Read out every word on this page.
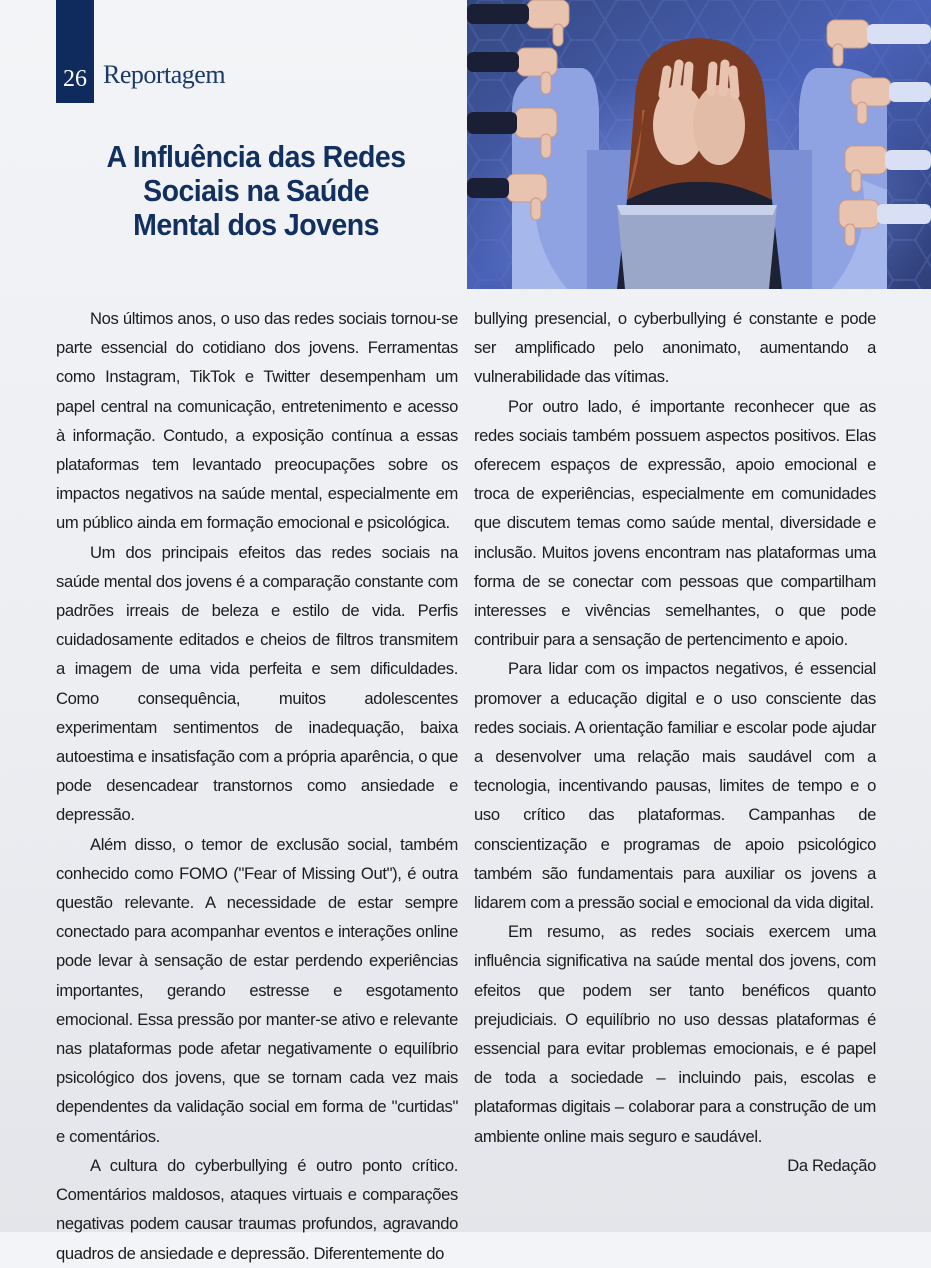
26 Reportagem
A Influência das Redes
Sociais na Saúde
Mental dos Jovens

Nos últimos anos, o uso das redes sociais tornou-se parte essencial do cotidiano dos jovens. Ferramentas como Instagram, TikTok e Twitter desempenham um papel central na comunicação, entretenimento e acesso à informação. Contudo, a exposição contínua a essas plataformas tem levantado preocupações sobre os impactos negativos na saúde mental, especialmente em um público ainda em formação emocional e psicológica.

Um dos principais efeitos das redes sociais na saúde mental dos jovens é a comparação constante com padrões irreais de beleza e estilo de vida. Perfis cuidadosamente editados e cheios de filtros transmitem a imagem de uma vida perfeita e sem dificuldades. Como consequência, muitos adolescentes experimentam sentimentos de inadequação, baixa autoestima e insatisfação com a própria aparência, o que pode desencadear transtornos como ansiedade e depressão.

Além disso, o temor de exclusão social, também conhecido como FOMO ("Fear of Missing Out"), é outra questão relevante. A necessidade de estar sempre conectado para acompanhar eventos e interações online pode levar à sensação de estar perdendo experiências importantes, gerando estresse e esgotamento emocional. Essa pressão por manter-se ativo e relevante nas plataformas pode afetar negativamente o equilíbrio psicológico dos jovens, que se tornam cada vez mais dependentes da validação social em forma de "curtidas" e comentários.

A cultura do cyberbullying é outro ponto crítico. Comentários maldosos, ataques virtuais e comparações negativas podem causar traumas profundos, agravando quadros de ansiedade e depressão. Diferentemente do

bullying presencial, o cyberbullying é constante e pode ser amplificado pelo anonimato, aumentando a vulnerabilidade das vítimas.

Por outro lado, é importante reconhecer que as redes sociais também possuem aspectos positivos. Elas oferecem espaços de expressão, apoio emocional e troca de experiências, especialmente em comunidades que discutem temas como saúde mental, diversidade e inclusão. Muitos jovens encontram nas plataformas uma forma de se conectar com pessoas que compartilham interesses e vivências semelhantes, o que pode contribuir para a sensação de pertencimento e apoio.

Para lidar com os impactos negativos, é essencial promover a educação digital e o uso consciente das redes sociais. A orientação familiar e escolar pode ajudar a desenvolver uma relação mais saudável com a tecnologia, incentivando pausas, limites de tempo e o uso crítico das plataformas. Campanhas de conscientização e programas de apoio psicológico também são fundamentais para auxiliar os jovens a lidarem com a pressão social e emocional da vida digital.

Em resumo, as redes sociais exercem uma influência significativa na saúde mental dos jovens, com efeitos que podem ser tanto benéficos quanto prejudiciais. O equilíbrio no uso dessas plataformas é essencial para evitar problemas emocionais, e é papel de toda a sociedade – incluindo pais, escolas e plataformas digitais – colaborar para a construção de um ambiente online mais seguro e saudável.

Da Redação
